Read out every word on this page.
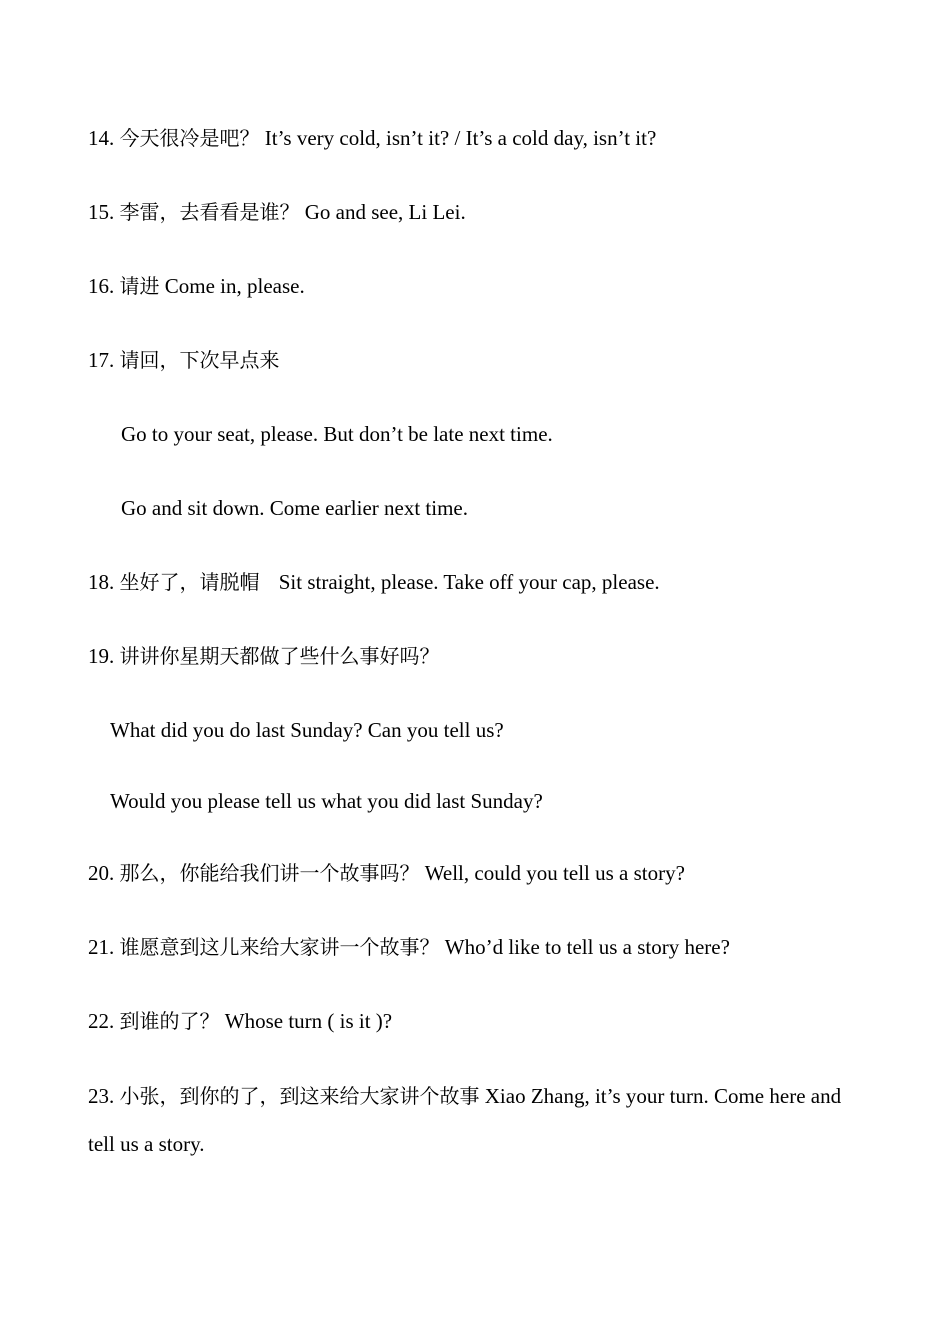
14. 今天很冷是吧？ It’s very cold, isn’t it? / It’s a cold day, isn’t it?
15. 李雷，去看看是谁？ Go and see, Li Lei.
16. 请进 Come in, please.
17. 请回，下次早点来
Go to your seat, please. But don’t be late next time.
Go and sit down. Come earlier next time.
18. 坐好了，请脱帽 Sit straight, please. Take off your cap, please.
19. 讲讲你星期天都做了些什么事好吗？
What did you do last Sunday? Can you tell us?
Would you please tell us what you did last Sunday?
20. 那么，你能给我们讲一个故事吗？ Well, could you tell us a story?
21. 谁愿意到这儿来给大家讲一个故事？ Who’d like to tell us a story here?
22. 到谁的了？ Whose turn ( is it )?
23. 小张，到你的了，到这来给大家讲个故事 Xiao Zhang, it’s your turn. Come here and tell us a story.
